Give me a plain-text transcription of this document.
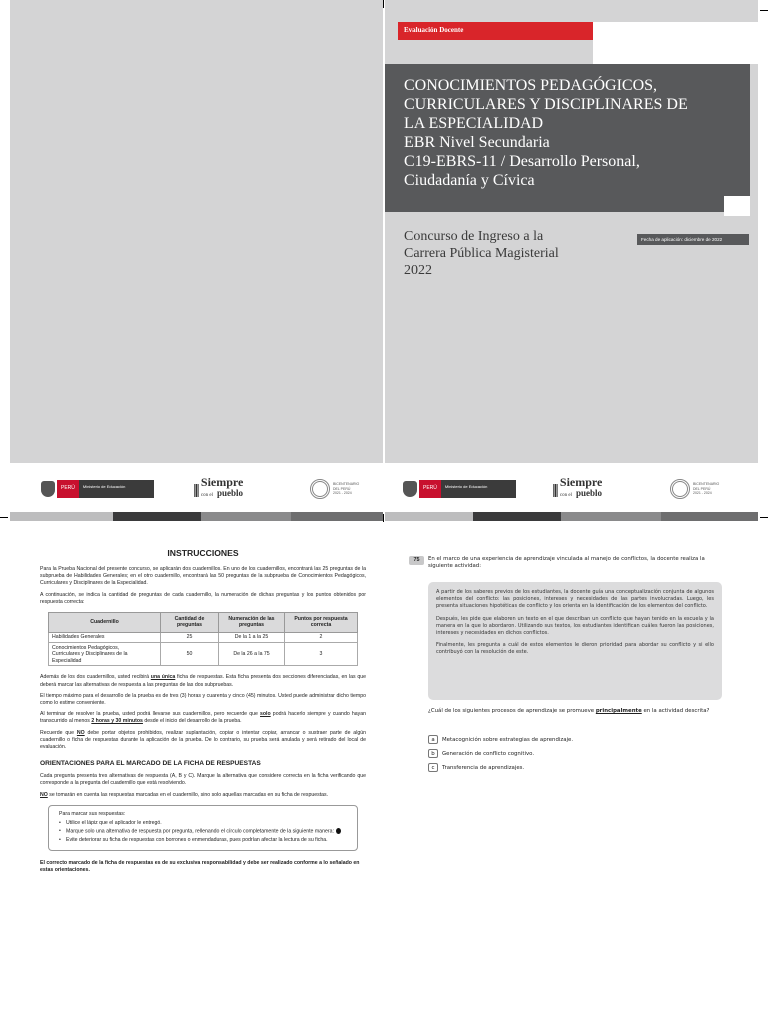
Evaluación Docente
CONOCIMIENTOS PEDAGÓGICOS,
CURRICULARES Y DISCIPLINARES DE
LA ESPECIALIDAD
EBR Nivel Secundaria
C19-EBRS-11 / Desarrollo Personal,
Ciudadanía y Cívica
Concurso de Ingreso a la
Carrera Pública Magisterial
2022
Fecha de aplicación: diciembre de 2022
PERÚ	Ministerio de Educación	||| Siempre
con el pueblo
BICENTENARIO
DEL PERÚ
2021 - 2024
PERÚ	Ministerio de Educación	||| Siempre
con el pueblo
BICENTENARIO
DEL PERÚ
2021 - 2024
INSTRUCCIONES
Para la Prueba Nacional del presente concurso, se aplicarán dos cuadernillos. En uno de los cuadernillos, encontrará las 25 preguntas de la subprueba de Habilidades Generales; en el otro cuadernillo, encontrará las 50 preguntas de la subprueba de Conocimientos Pedagógicos, Curriculares y Disciplinares de la Especialidad.
A continuación, se indica la cantidad de preguntas de cada cuadernillo, la numeración de dichas preguntas y los puntos obtenidos por respuesta correcta:
Cuadernillo	Cantidad de preguntas	Numeración de las preguntas	Puntos por respuesta correcta
Habilidades Generales	25	De la 1 a la 25	2
Conocimientos Pedagógicos, Curriculares y Disciplinares de la Especialidad	50	De la 26 a la 75	3
Además de los dos cuadernillos, usted recibirá una única ficha de respuestas. Esta ficha presenta dos secciones diferenciadas, en las que deberá marcar las alternativas de respuesta a las preguntas de las dos subpruebas.
El tiempo máximo para el desarrollo de la prueba es de tres (3) horas y cuarenta y cinco (45) minutos. Usted puede administrar dicho tiempo como lo estime conveniente.
Al terminar de resolver la prueba, usted podrá llevarse sus cuadernillos, pero recuerde que solo podrá hacerlo siempre y cuando hayan transcurrido al menos 2 horas y 30 minutos desde el inicio del desarrollo de la prueba.
Recuerde que NO debe portar objetos prohibidos, realizar suplantación, copiar o intentar copiar, arrancar o sustraer parte de algún cuadernillo o ficha de respuestas durante la aplicación de la prueba. De lo contrario, su prueba será anulada y será retirado del local de evaluación.
ORIENTACIONES PARA EL MARCADO DE LA FICHA DE RESPUESTAS
Cada pregunta presenta tres alternativas de respuesta (A, B y C). Marque la alternativa que considere correcta en la ficha verificando que corresponde a la pregunta del cuadernillo que está resolviendo.
NO se tomarán en cuenta las respuestas marcadas en el cuadernillo, sino solo aquellas marcadas en su ficha de respuestas.
Para marcar sus respuestas:
• Utilice el lápiz que el aplicador le entregó.
• Marque solo una alternativa de respuesta por pregunta, rellenando el círculo completamente de la siguiente manera:
• Evite deteriorar su ficha de respuestas con borrones o enmendaduras, pues podrían afectar la lectura de su ficha.
El correcto marcado de la ficha de respuestas es de su exclusiva responsabilidad y debe ser realizado conforme a lo señalado en estas orientaciones.
75	En el marco de una experiencia de aprendizaje vinculada al manejo de conflictos, la docente realiza la siguiente actividad:

A partir de los saberes previos de los estudiantes, la docente guía una conceptualización conjunta de algunos elementos del conflicto: las posiciones, intereses y necesidades de las partes involucradas. Luego, les presenta situaciones hipotéticas de conflicto y los orienta en la identificación de los elementos del conflicto.

Después, les pide que elaboren un texto en el que describan un conflicto que hayan tenido en la escuela y la manera en la que lo abordaron. Utilizando sus textos, los estudiantes identifican cuáles fueron las posiciones, intereses y necesidades en dichos conflictos.

Finalmente, les pregunta a cuál de estos elementos le dieron prioridad para abordar su conflicto y si ello contribuyó con la resolución de este.

¿Cuál de los siguientes procesos de aprendizaje se promueve principalmente en la actividad descrita?
a	Metacognición sobre estrategias de aprendizaje.
b	Generación de conflicto cognitivo.
c	Transferencia de aprendizajes.
